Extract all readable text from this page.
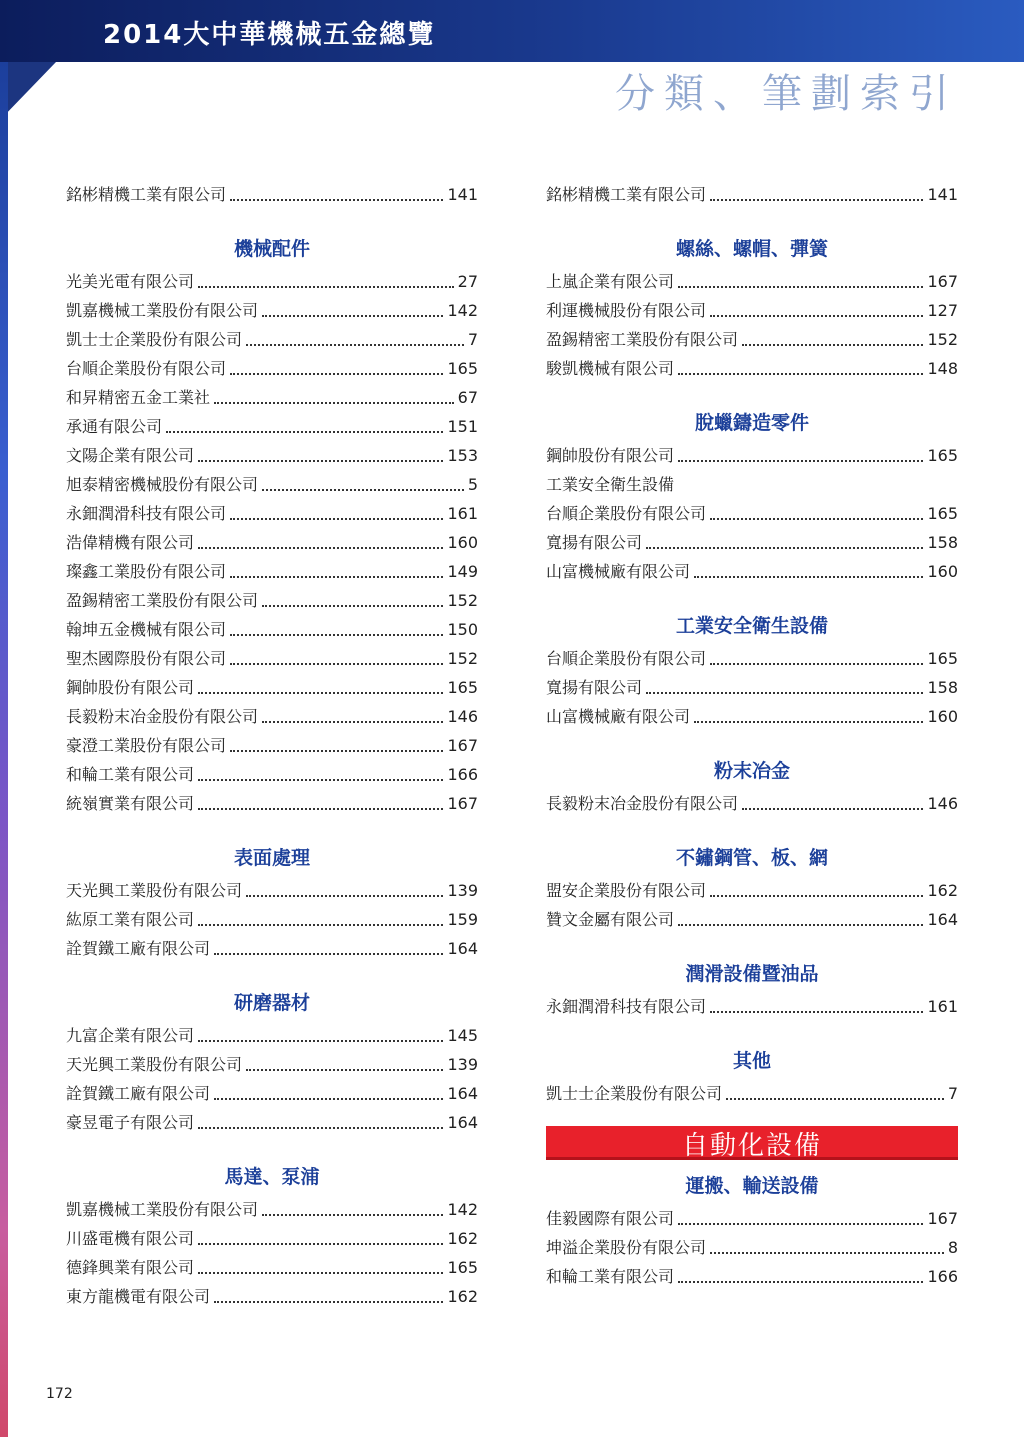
2014大中華機械五金總覽
分類、筆劃索引
銘彬精機工業有限公司	141
機械配件
光美光電有限公司	27
凱嘉機械工業股份有限公司	142
凱士士企業股份有限公司	7
台順企業股份有限公司	165
和昇精密五金工業社	67
承通有限公司	151
文陽企業有限公司	153
旭泰精密機械股份有限公司	5
永鈿潤滑科技有限公司	161
浩偉精機有限公司	160
璨鑫工業股份有限公司	149
盈錫精密工業股份有限公司	152
翰坤五金機械有限公司	150
聖杰國際股份有限公司	152
鋼帥股份有限公司	165
長毅粉末冶金股份有限公司	146
豪澄工業股份有限公司	167
和輪工業有限公司	166
統嶺實業有限公司	167
表面處理
天光興工業股份有限公司	139
紘原工業有限公司	159
詮賀鐵工廠有限公司	164
研磨器材
九富企業有限公司	145
天光興工業股份有限公司	139
詮賀鐵工廠有限公司	164
豪昱電子有限公司	164
馬達、泵浦
凱嘉機械工業股份有限公司	142
川盛電機有限公司	162
德鋒興業有限公司	165
東方龍機電有限公司	162
銘彬精機工業有限公司	141
螺絲、螺帽、彈簧
上嵐企業有限公司	167
利運機械股份有限公司	127
盈錫精密工業股份有限公司	152
駿凱機械有限公司	148
脫蠟鑄造零件
鋼帥股份有限公司	165
工業安全衛生設備
台順企業股份有限公司	165
寬揚有限公司	158
山富機械廠有限公司	160
工業安全衛生設備
台順企業股份有限公司	165
寬揚有限公司	158
山富機械廠有限公司	160
粉末冶金
長毅粉末冶金股份有限公司	146
不鏽鋼管、板、網
盟安企業股份有限公司	162
贊文金屬有限公司	164
潤滑設備暨油品
永鈿潤滑科技有限公司	161
其他
凱士士企業股份有限公司	7
自動化設備
運搬、輸送設備
佳毅國際有限公司	167
坤溢企業股份有限公司	8
和輪工業有限公司	166
172
